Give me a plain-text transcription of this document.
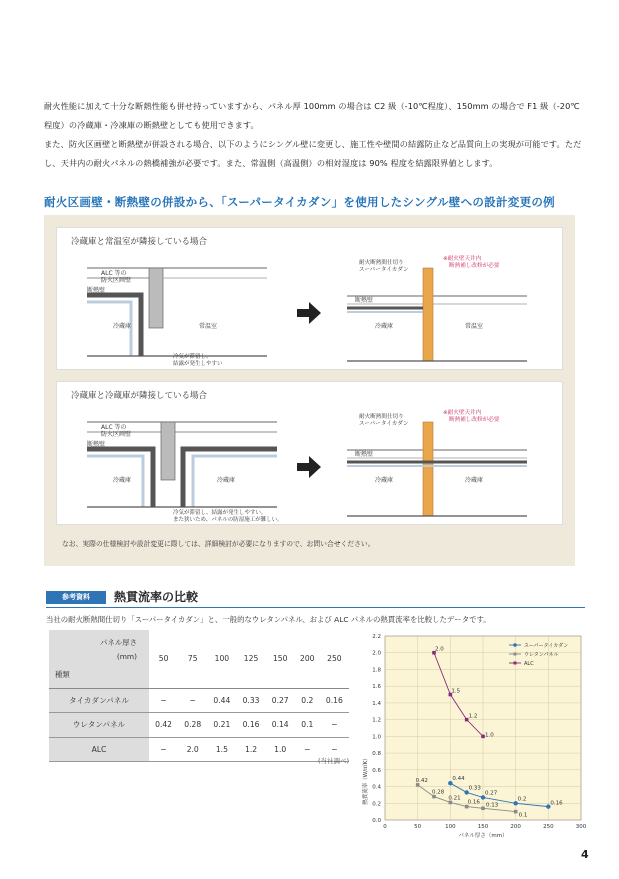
耐火性能に加えて十分な断熱性能も併せ持っていますから、パネル厚 100mm の場合は C2 級（-10℃程度）、150mm の場合で F1 級（-20℃程度）の冷蔵庫・冷凍庫の断熱壁としても使用できます。

また、防火区画壁と断熱壁が併設される場合、以下のようにシングル壁に変更し、施工性や壁間の結露防止など品質向上の実現が可能です。ただし、天井内の耐火パネルの熱橋補強が必要です。また、常温側（高温側）の相対湿度は 90% 程度を結露限界値とします。

耐火区画壁・断熱壁の併設から、「スーパータイカダン」を使用したシングル壁への設計変更の例
冷蔵庫と常温室が隣接している場合
ALC 等の
防火区画壁
断熱壁
冷蔵庫	常温室
冷気が滞留し、
結露が発生しやすい
耐火断熱間仕切り
スーパータイカダン
※耐火壁天井内
断熱補し改修が必要
断熱壁
冷蔵庫	常温室
冷蔵庫と冷蔵庫が隣接している場合
ALC 等の
防火区画壁
断熱壁
冷蔵庫	冷蔵庫
冷気が滞留し、結露が発生しやすい。
また狭いため、パネルの防湿施工が難しい。
耐火断熱間仕切り
スーパータイカダン
※耐火壁天井内
断熱補し改修が必要
断熱壁
冷蔵庫	冷蔵庫
なお、実際の仕様検討や設計変更に際しては、詳細検討が必要になりますので、お問い合せください。
参考資料	熱貫流率の比較
当社の耐火断熱間仕切り「スーパータイカダン」と、一般的なウレタンパネル、および ALC パネルの熱貫流率を比較したデータです。
パネル厚さ
(mm)
種類	50	75	100	125	150	200	250
タイカダンパネル	−	−	0.44	0.33	0.27	0.2	0.16
ウレタンパネル	0.42	0.28	0.21	0.16	0.14	0.1	−
ALC	−	2.0	1.5	1.2	1.0	−	−
(当社調べ)
0	50	100	150	200	250	300
0.0
0.2
0.4
0.6
0.8
1.0
1.2
1.4
1.6
1.8
2.0
2.2
パネル厚さ（mm）
熱貫流率（W/㎡K）	0.44
0.33
0.27
0.2
0.16
0.42
0.28
0.21
0.16 0.13
0.1
2.0
1.5
1.2
1.0
スーパータイカダン
ウレタンパネル
ALC
4
